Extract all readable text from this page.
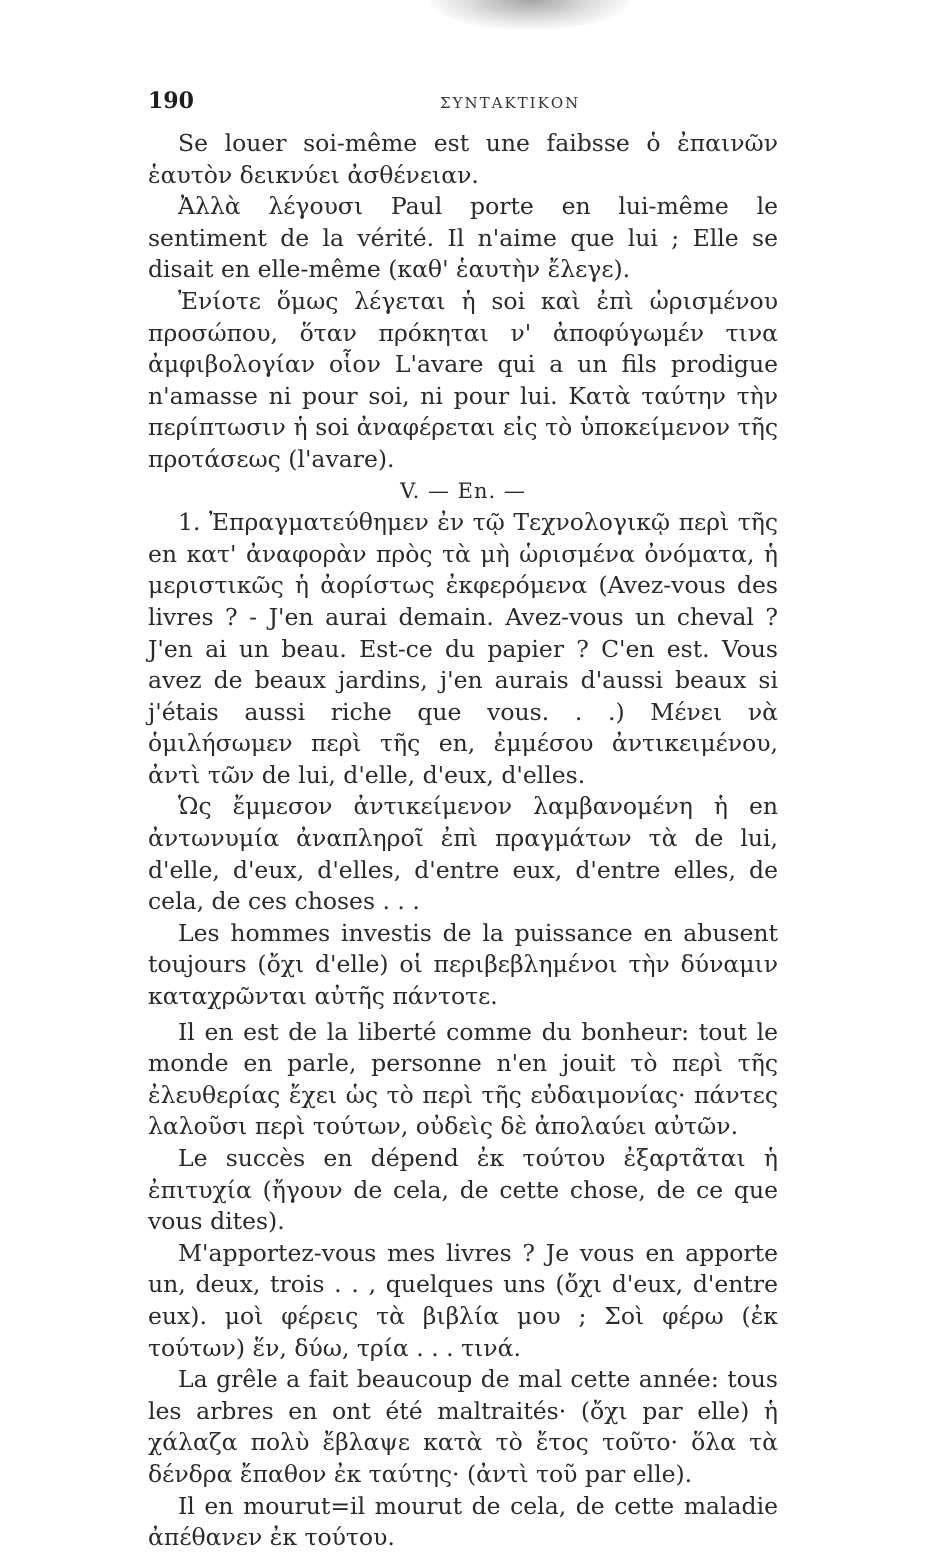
190	ΣΥΝΤΑΚΤΙΚΟΝ

Se louer soi-même est une faibsse ὁ ἐπαινῶν ἑαυτὸν δεικνύει ἀσθένειαν.

Ἀλλὰ λέγουσι Paul porte en lui-même le sentiment de la vérité. Il n'aime que lui ; Elle se disait en elle-même (καθ' ἑαυτὴν ἔλεγε).

Ἐνίοτε ὅμως λέγεται ἡ soi καὶ ἐπὶ ὡρισμένου προσώπου, ὅταν πρόκηται ν' ἀποφύγωμέν τινα ἀμφιβολογίαν οἷον L'avare qui a un fils prodigue n'amasse ni pour soi, ni pour lui. Κατὰ ταύτην τὴν περίπτωσιν ἡ soi ἀναφέρεται εἰς τὸ ὑποκείμενον τῆς προτάσεως (l'avare).

V. — En. —

1. Ἐπραγματεύθημεν ἐν τῷ Τεχνολογικῷ περὶ τῆς en κατ' ἀναφορὰν πρὸς τὰ μὴ ὡρισμένα ὀνόματα, ἡ μεριστικῶς ἡ ἀορίστως ἐκφερόμενα (Avez-vous des livres ? - J'en aurai demain. Avez-vous un cheval ? J'en ai un beau. Est-ce du papier ? C'en est. Vous avez de beaux jardins, j'en aurais d'aussi beaux si j'étais aussi riche que vous. . .) Μένει νὰ ὁμιλήσωμεν περὶ τῆς en, ἐμμέσου ἀντικειμένου, ἀντὶ τῶν de lui, d'elle, d'eux, d'elles.

Ὡς ἔμμεσον ἀντικείμενον λαμβανομένη ἡ en ἀντωνυμία ἀναπληροῖ ἐπὶ πραγμάτων τὰ de lui, d'elle, d'eux, d'elles, d'entre eux, d'entre elles, de cela, de ces choses . . .

Les hommes investis de la puissance en abusent toujours (ὄχι d'elle) οἱ περιβεβλημένοι τὴν δύναμιν καταχρῶνται αὐτῆς πάντοτε.

Il en est de la liberté comme du bonheur: tout le monde en parle, personne n'en jouit τὸ περὶ τῆς ἐλευθερίας ἔχει ὡς τὸ περὶ τῆς εὐδαιμονίας· πάντες λαλοῦσι περὶ τούτων, οὐδεὶς δὲ ἀπολαύει αὐτῶν.

Le succès en dépend ἐκ τούτου ἐξαρτᾶται ἡ ἐπιτυχία (ἤγουν de cela, de cette chose, de ce que vous dites).

M'apportez-vous mes livres ? Je vous en apporte un, deux, trois . . , quelques uns (ὄχι d'eux, d'entre eux). μοὶ φέρεις τὰ βιβλία μου ; Σοὶ φέρω (ἐκ τούτων) ἕν, δύω, τρία . . . τινά.

La grêle a fait beaucoup de mal cette année: tous les arbres en ont été maltraités· (ὄχι par elle) ἡ χάλαζα πολὺ ἔβλαψε κατὰ τὸ ἔτος τοῦτο· ὅλα τὰ δένδρα ἔπαθον ἐκ ταύτης· (ἀντὶ τοῦ par elle).

Il en mourut=il mourut de cela, de cette maladie ἀπέθανεν ἐκ τούτου.
